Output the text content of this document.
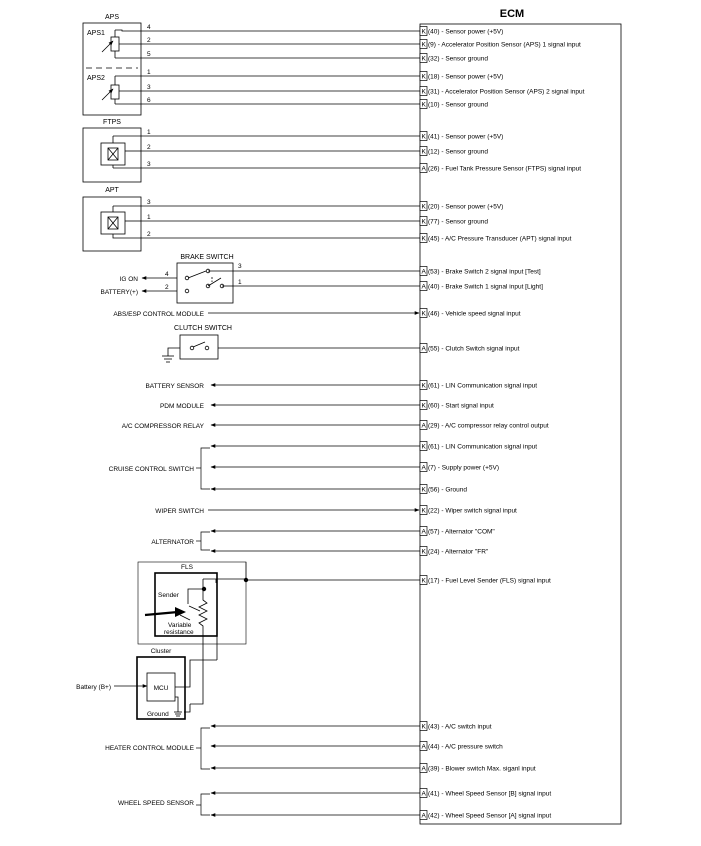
ECM
K (40) - Sensor power (+5V)
K (9) - Accelerator Position Sensor (APS) 1 signal input
K (32) - Sensor ground
K (18) - Sensor power (+5V)
K (31) - Accelerator Position Sensor (APS) 2 signal input
K (10) - Sensor ground
K (41) - Sensor power (+5V)
K (12) - Sensor ground
A (26) - Fuel Tank Pressure Sensor (FTPS) signal input
K (20) - Sensor power (+5V)
K (77) - Sensor ground
K (45) - A/C Pressure Transducer (APT) signal input
A (53) - Brake Switch 2 signal input [Test]
A (40) - Brake Switch 1 signal input [Light]
K (46) - Vehicle speed signal input
A (55) - Clutch Switch signal input
K (61) - LIN Communication signal input
K (60) - Start signal input
A (29) - A/C compressor relay control output
K (61) - LIN Communication signal input
A (7) - Supply power (+5V)
K (56) - Ground
K (22) - Wiper switch signal input
A (57) - Alternator "COM"
K (24) - Alternator "FR"
K (17) - Fuel Level Sender (FLS) signal input
K (43) - A/C switch input
A (44) - A/C pressure switch
A (39) - Blower switch Max. siganl input
A (41) - Wheel Speed Sensor [B] signal input
A (42) - Wheel Speed Sensor [A] signal input
APS
APS1
APS2
FTPS
APT
BRAKE SWITCH
IG ON
BATTERY(+)
CLUTCH SWITCH
FLS
Sender
Variable
resistance
Cluster
MCU
Ground
Battery (B+)
ABS/ESP CONTROL MODULE
BATTERY SENSOR
PDM MODULE
A/C COMPRESSOR RELAY
CRUISE CONTROL SWITCH
WIPER SWITCH
ALTERNATOR
HEATER CONTROL MODULE
WHEEL SPEED SENSOR
4
2
5
1
3
6
1
2
3
3
1
2
4
2
3
1
